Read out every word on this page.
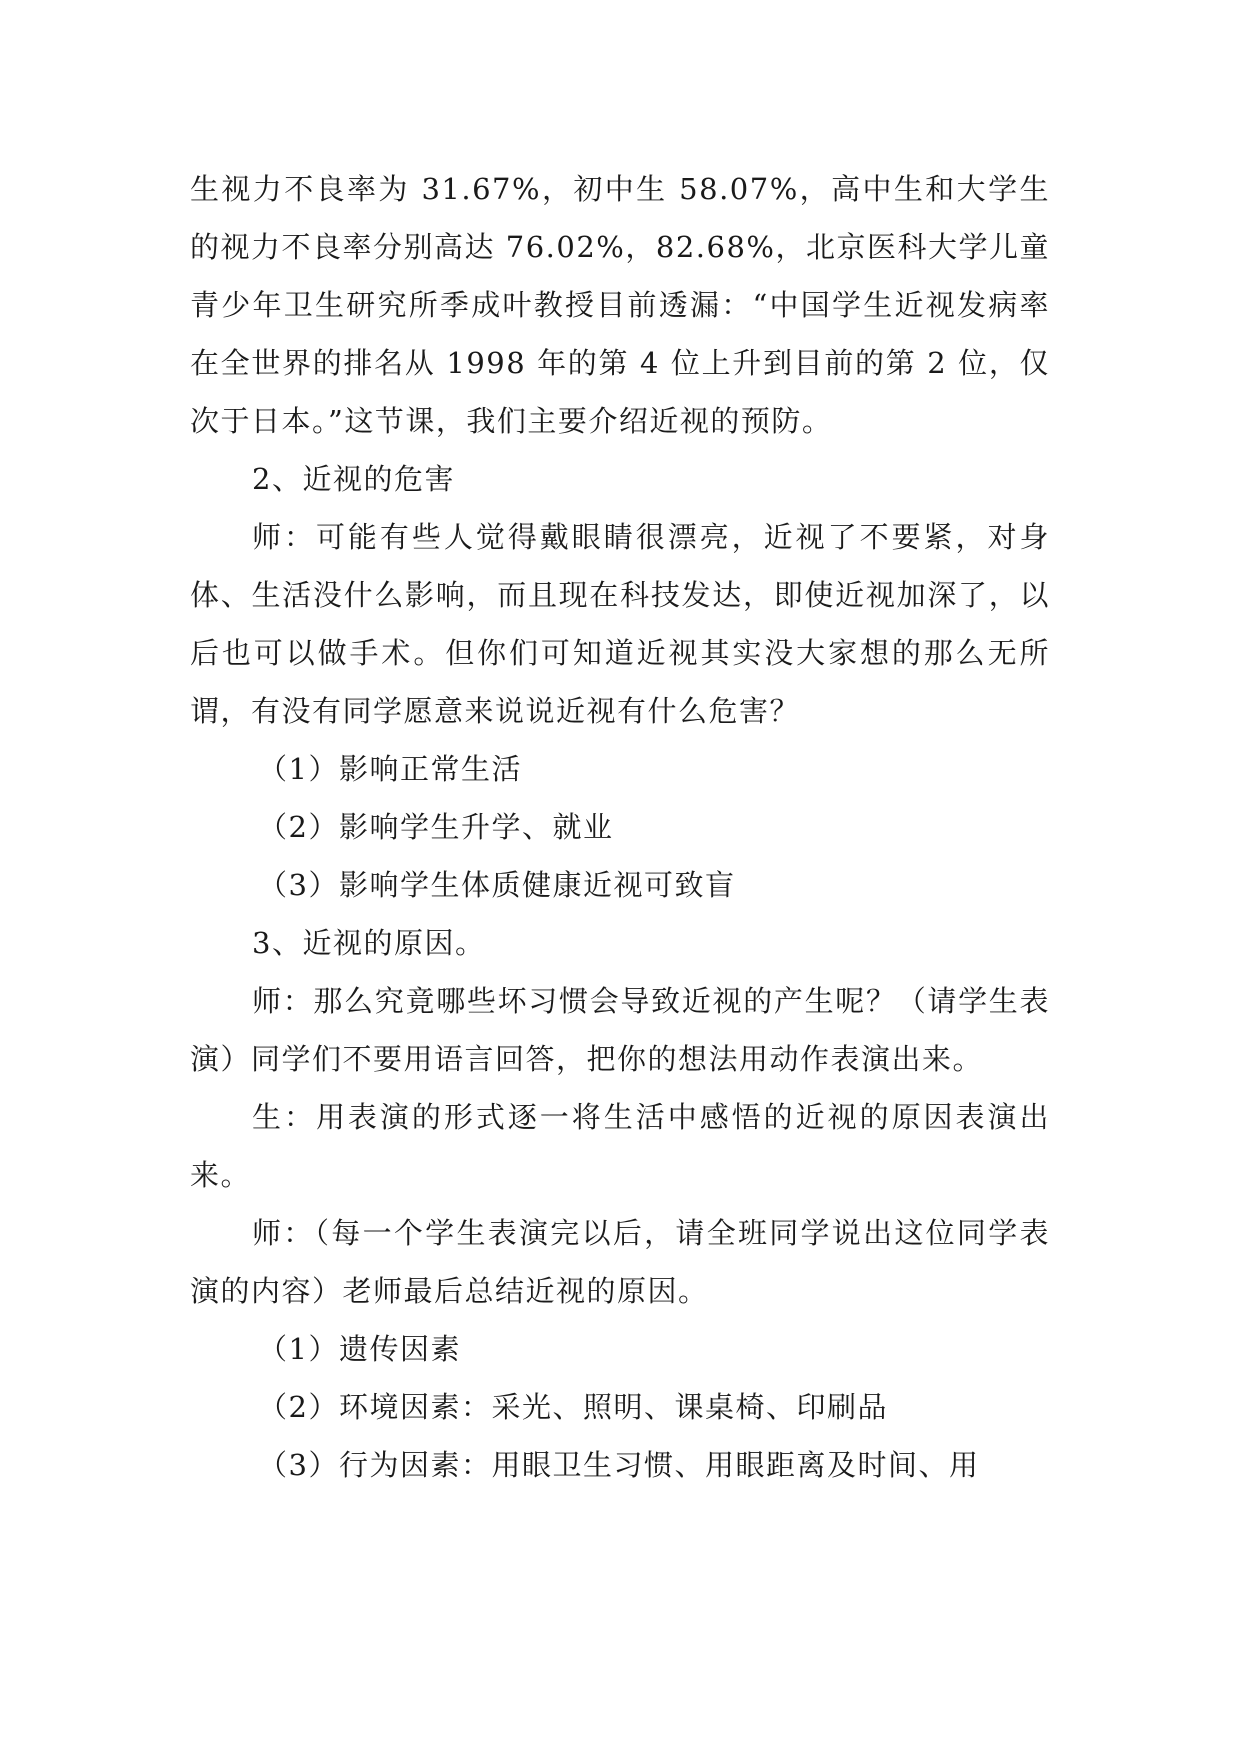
生视力不良率为 31.67%，初中生 58.07%，高中生和大学生的视力不良率分别高达 76.02%，82.68%，北京医科大学儿童青少年卫生研究所季成叶教授目前透漏：“中国学生近视发病率在全世界的排名从 1998 年的第 4 位上升到目前的第 2 位，仅次于日本。”这节课，我们主要介绍近视的预防。

2、近视的危害

师：可能有些人觉得戴眼睛很漂亮，近视了不要紧，对身体、生活没什么影响，而且现在科技发达，即使近视加深了，以后也可以做手术。但你们可知道近视其实没大家想的那么无所谓，有没有同学愿意来说说近视有什么危害？

（1）影响正常生活

（2）影响学生升学、就业

（3）影响学生体质健康近视可致盲

3、近视的原因。

师：那么究竟哪些坏习惯会导致近视的产生呢？（请学生表演）同学们不要用语言回答，把你的想法用动作表演出来。

生：用表演的形式逐一将生活中感悟的近视的原因表演出来。

师：（每一个学生表演完以后，请全班同学说出这位同学表演的内容）老师最后总结近视的原因。

（1）遗传因素

（2）环境因素：采光、照明、课桌椅、印刷品

（3）行为因素：用眼卫生习惯、用眼距离及时间、用
